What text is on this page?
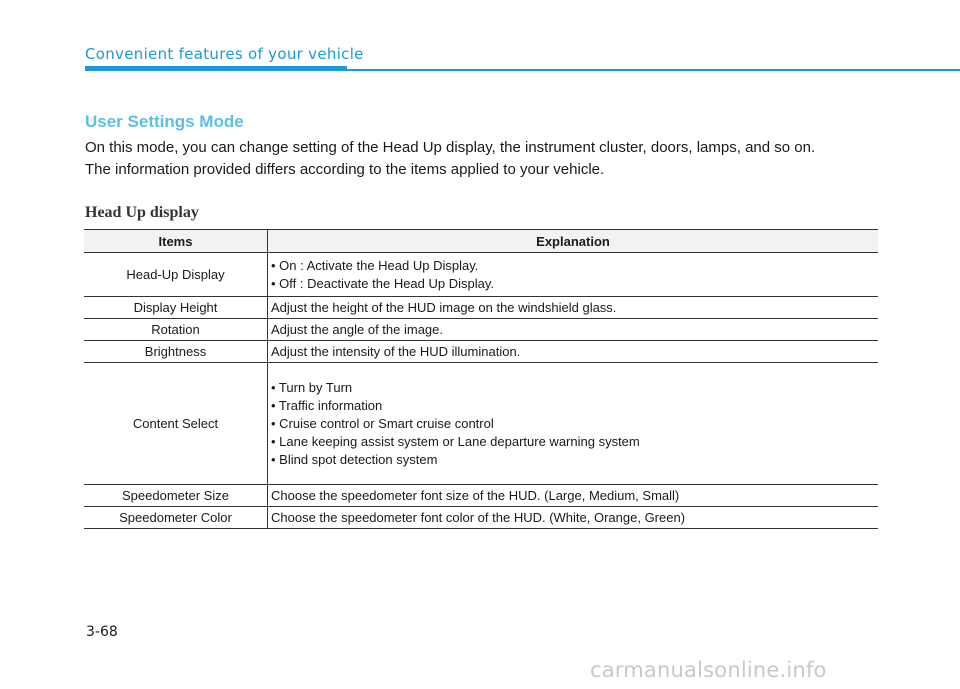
Convenient features of your vehicle
User Settings Mode

On this mode, you can change setting of the Head Up display, the instrument cluster, doors, lamps, and so on.

The information provided differs according to the items applied to your vehicle.

Head Up display
Items	Explanation
Head-Up Display	• On : Activate the Head Up Display.
• Off : Deactivate the Head Up Display.

Display Height	Adjust the height of the HUD image on the windshield glass.
Rotation	Adjust the angle of the image.
Brightness	Adjust the intensity of the HUD illumination.
Content Select	• Turn by Turn
• Traffic information
• Cruise control or Smart cruise control
• Lane keeping assist system or Lane departure warning system
• Blind spot detection system

Speedometer Size	Choose the speedometer font size of the HUD. (Large, Medium, Small)
Speedometer Color	Choose the speedometer font color of the HUD. (White, Orange, Green)
3-68
carmanualsonline.info
